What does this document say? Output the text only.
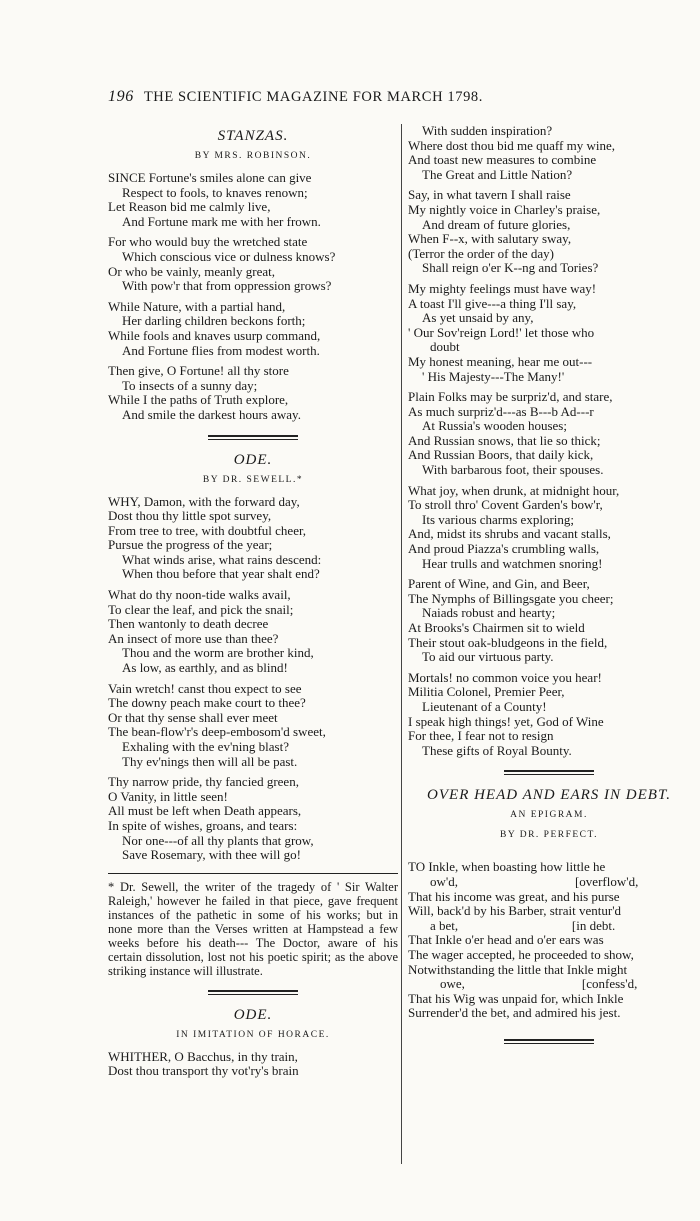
196 THE SCIENTIFIC MAGAZINE FOR MARCH 1798.
STANZAS.
BY MRS. ROBINSON.
SINCE Fortune's smiles alone can give
Respect to fools, to knaves renown;
Let Reason bid me calmly live,
And Fortune mark me with her frown.
For who would buy the wretched state
Which conscious vice or dulness knows?
Or who be vainly, meanly great,
With pow'r that from oppression grows?
While Nature, with a partial hand,
Her darling children beckons forth;
While fools and knaves usurp command,
And Fortune flies from modest worth.
Then give, O Fortune! all thy store
To insects of a sunny day;
While I the paths of Truth explore,
And smile the darkest hours away.
ODE.
BY DR. SEWELL.*
WHY, Damon, with the forward day,
Dost thou thy little spot survey,
From tree to tree, with doubtful cheer,
Pursue the progress of the year;
What winds arise, what rains descend:
When thou before that year shalt end?
What do thy noon-tide walks avail,
To clear the leaf, and pick the snail;
Then wantonly to death decree
An insect of more use than thee?
Thou and the worm are brother kind,
As low, as earthly, and as blind!
Vain wretch! canst thou expect to see
The downy peach make court to thee?
Or that thy sense shall ever meet
The bean-flow'r's deep-embosom'd sweet,
Exhaling with the ev'ning blast?
Thy ev'nings then will all be past.
Thy narrow pride, thy fancied green,
O Vanity, in little seen!
All must be left when Death appears,
In spite of wishes, groans, and tears:
Nor one---of all thy plants that grow,
Save Rosemary, with thee will go!
* Dr. Sewell, the writer of the tragedy of ' Sir Walter Raleigh,' however he failed in that piece, gave frequent instances of the pathetic in some of his works; but in none more than the Verses written at Hampstead a few weeks before his death--- The Doctor, aware of his certain dissolution, lost not his poetic spirit; as the above striking instance will illustrate.
ODE.
IN IMITATION OF HORACE.
WHITHER, O Bacchus, in thy train,
Dost thou transport thy vot'ry's brain
With sudden inspiration?
Where dost thou bid me quaff my wine,
And toast new measures to combine
The Great and Little Nation?
Say, in what tavern I shall raise
My nightly voice in Charley's praise,
And dream of future glories,
When F--x, with salutary sway,
(Terror the order of the day)
Shall reign o'er K--ng and Tories?
My mighty feelings must have way!
A toast I'll give---a thing I'll say,
As yet unsaid by any,
' Our Sov'reign Lord!' let those who
doubt
My honest meaning, hear me out---
' His Majesty---The Many!'
Plain Folks may be surpriz'd, and stare,
As much surpriz'd---as B---b Ad---r
At Russia's wooden houses;
And Russian snows, that lie so thick;
And Russian Boors, that daily kick,
With barbarous foot, their spouses.
What joy, when drunk, at midnight hour,
To stroll thro' Covent Garden's bow'r,
Its various charms exploring;
And, midst its shrubs and vacant stalls,
And proud Piazza's crumbling walls,
Hear trulls and watchmen snoring!
Parent of Wine, and Gin, and Beer,
The Nymphs of Billingsgate you cheer;
Naiads robust and hearty;
At Brooks's Chairmen sit to wield
Their stout oak-bludgeons in the field,
To aid our virtuous party.
Mortals! no common voice you hear!
Militia Colonel, Premier Peer,
Lieutenant of a County!
I speak high things! yet, God of Wine
For thee, I fear not to resign
These gifts of Royal Bounty.
OVER HEAD AND EARS IN DEBT.
AN EPIGRAM.
BY DR. PERFECT.
TO Inkle, when boasting how little he
ow'd,                                    [overflow'd,
That his income was great, and his purse
Will, back'd by his Barber, strait ventur'd
a bet,                                   [in debt.
That Inkle o'er head and o'er ears was
The wager accepted, he proceeded to show,
Notwithstanding the little that Inkle might
owe,                                    [confess'd,
That his Wig was unpaid for, which Inkle
Surrender'd the bet, and admired his jest.
